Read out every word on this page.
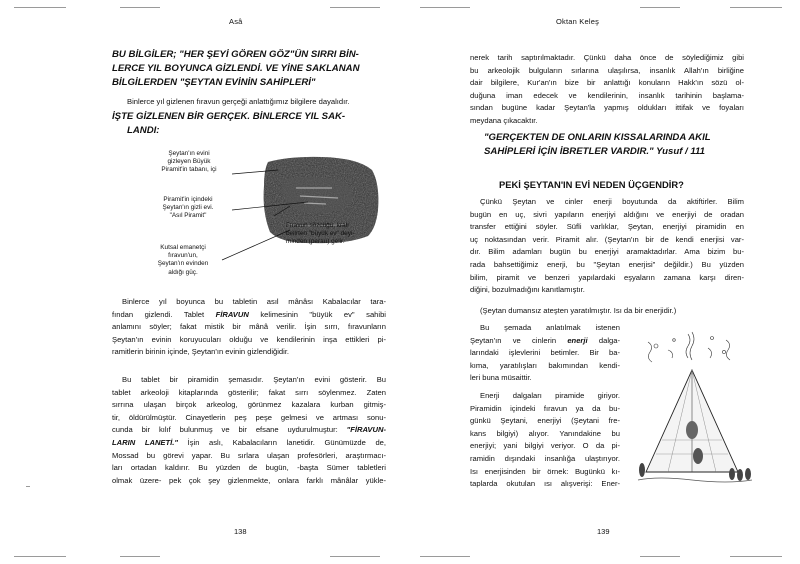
Asâ
BU BİLGİLER; "HER ŞEYİ GÖREN GÖZ"ÜN SIRRI BİN-
LERCE YIL BOYUNCA GİZLENDİ. VE YİNE SAKLANAN
BİLGİLERDEN "ŞEYTAN EVİNİN SAHİPLERİ"
Binlerce yıl gizlenen fıravun gerçeği anlattığımız bilgilere dayalıdır.
İŞTE GİZLENEN BİR GERÇEK. BİNLERCE YIL SAK-
LANDI:
Şeytan'ın evini
gizleyen Büyük
Piramit'in tabanı, içi
Piramit'in içindeki
Şeytan'ın gizli evi.
"Asıl Piramit"
Kutsal emanetçi
fıravun'un,
Şeytan'ın evinden
aldığı güç.
Fıravun sözcüğü, kralı
belirten "büyük ev" deyi-
minden (perau) gelir.
Binlerce yıl boyunca bu tabletin asıl mânâsı Kabalacılar tara-
fından gizlendi. Tablet FİRAVUN kelimesinin "büyük ev" sahibi
anlamını söyler; fakat mistik bir mânâ verilir. İşin sırrı, fıravunların
Şeytan'ın evinin koruyucuları olduğu ve kendilerinin inşa ettikleri pi-
ramitlerin birinin içinde, Şeytan'ın evinin gizlendiğidir.
Bu tablet bir piramidin şemasıdır. Şeytan'ın evini gösterir. Bu
tablet arkeoloji kitaplarında gösterilir; fakat sırrı söylenmez. Zaten
sırrına ulaşan birçok arkeolog, görünmez kazalara kurban gitmiş-
tir, öldürülmüştür. Cinayetlerin peş peşe gelmesi ve artması sonu-
cunda bir kılıf bulunmuş ve bir efsane uydurulmuştur: "FİRAVUN-
LARIN LANETİ." İşin aslı, Kabalacıların lanetidir. Günümüzde de,
Mossad bu görevi yapar. Bu sırlara ulaşan profesörleri, araştırmacı-
ları ortadan kaldırır. Bu yüzden de bugün, -başta Sümer tabletleri
olmak üzere- pek çok şey gizlenmekte, onlara farklı mânâlar yükle-
138
Oktan Keleş
nerek tarih saptırılmaktadır. Çünkü daha önce de söylediğimiz gibi
bu arkeolojik bulguların sırlarına ulaşılırsa, insanlık Allah'ın birliğine
dair bilgilere, Kur'an'ın bize bir anlattığı konuların Hakk'ın sözü ol-
duğuna iman edecek ve kendilerinin, insanlık tarihinin başlama-
sından bugüne kadar Şeytan'la yapmış oldukları ittifak ve foyaları
meydana çıkacaktır.
"GERÇEKTEN DE ONLARIN KISSALARINDA AKIL
SAHİPLERİ İÇİN İBRETLER VARDIR." Yusuf / 111
PEKİ ŞEYTAN'IN EVİ NEDEN ÜÇGENDİR?
Çünkü Şeytan ve cinler enerji boyutunda da aktiftirler. Bilim
bugün en uç, sivri yapıların enerjiyi aldığını ve enerjiyi de oradan
transfer ettiğini söyler. Süfli varlıklar, Şeytan, enerjiyi piramidin en
uç noktasından verir. Piramit alır. (Şeytan'ın bir de kendi enerjisi var-
dır. Bilim adamları bugün bu enerjiyi aramaktadırlar. Ama bizim bu-
rada bahsettiğimiz enerji, bu "Şeytan enerjisi" değildir.) Bu yüzden
bilim, piramit ve benzeri yapılardaki eşyaların zamana karşı diren-
diğini, bozulmadığını kanıtlamıştır.
(Şeytan dumansız ateşten yaratılmıştır. Isı da bir enerjidir.)
Bu şemada anlatılmak istenen
Şeytan'ın ve cinlerin enerji dalga-
larındaki işlevlerini betimler. Bir ba-
kıma, yaratılışları bakımından kendi-
leri buna müsaittir.
Enerji dalgaları piramide giriyor.
Piramidin içindeki fıravun ya da bu-
günkü Şeytani, enerjiyi (Şeytani fre-
kans bilgiyi) alıyor. Yanındakine bu
enerjiyi; yani bilgiyi veriyor. O da pi-
ramidin dışındaki insanlığa ulaştırıyor.
Isı enerjisinden bir örnek: Bugünkü kı-
taplarda okutulan ısı alışverişi: Ener-
139
